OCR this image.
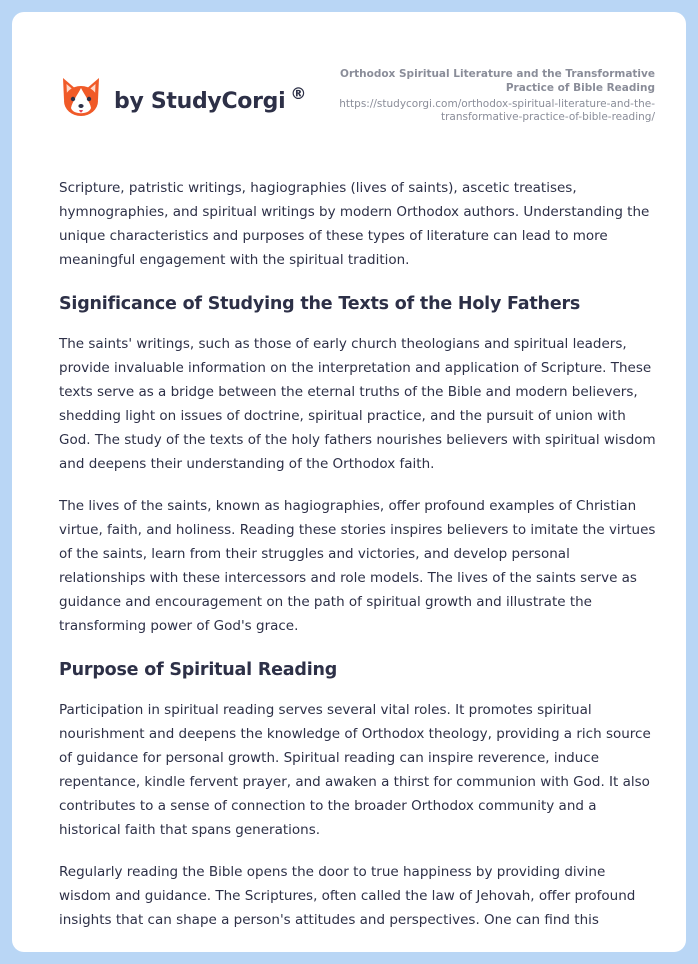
by StudyCorgi ®
Orthodox Spiritual Literature and the Transformative Practice of Bible Reading
https://studycorgi.com/orthodox-spiritual-literature-and-the-transformative-practice-of-bible-reading/

Scripture, patristic writings, hagiographies (lives of saints), ascetic treatises, hymnographies, and spiritual writings by modern Orthodox authors. Understanding the unique characteristics and purposes of these types of literature can lead to more meaningful engagement with the spiritual tradition.

Significance of Studying the Texts of the Holy Fathers

The saints' writings, such as those of early church theologians and spiritual leaders, provide invaluable information on the interpretation and application of Scripture. These texts serve as a bridge between the eternal truths of the Bible and modern believers, shedding light on issues of doctrine, spiritual practice, and the pursuit of union with God. The study of the texts of the holy fathers nourishes believers with spiritual wisdom and deepens their understanding of the Orthodox faith.

The lives of the saints, known as hagiographies, offer profound examples of Christian virtue, faith, and holiness. Reading these stories inspires believers to imitate the virtues of the saints, learn from their struggles and victories, and develop personal relationships with these intercessors and role models. The lives of the saints serve as guidance and encouragement on the path of spiritual growth and illustrate the transforming power of God's grace.

Purpose of Spiritual Reading

Participation in spiritual reading serves several vital roles. It promotes spiritual nourishment and deepens the knowledge of Orthodox theology, providing a rich source of guidance for personal growth. Spiritual reading can inspire reverence, induce repentance, kindle fervent prayer, and awaken a thirst for communion with God. It also contributes to a sense of connection to the broader Orthodox community and a historical faith that spans generations.

Regularly reading the Bible opens the door to true happiness by providing divine wisdom and guidance. The Scriptures, often called the law of Jehovah, offer profound insights that can shape a person's attitudes and perspectives. One can find this
